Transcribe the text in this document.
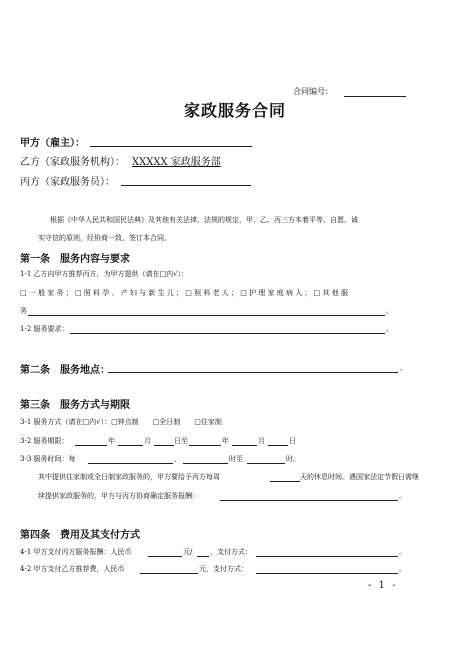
合同编号：
家政服务合同
甲方（雇主）：
乙方（家政服务机构）： XXXXX 家政服务部
丙方（家政服务员）：
根据《中华人民共和国民法典》及其他有关法律、法规的规定，甲、乙、丙三方本着平等、自愿、诚
实守信的原则，经协商一致，签订本合同。
第一条　服务内容与要求
1-1 乙方向甲方推荐丙方，为甲方提供（请在□内√）：
□ 一 般 家 务 ； □ 照 料 孕 、 产 妇 与 新 生 儿 ； □ 照 料 老 人 ； □ 护 理 家 庭 病 人 ； □ 其 他 服
务	。
1-2 服务要求：	。
第二条　服务地点：	。
第三条　服务方式与期限
3-1 服务方式（请在□内√）：□钟点制　　□全日制　　□住家制
3-2 服务期限：	年	月	日至	年	月	日
3-3 服务时间：每	，	时至	时。
其中提供住家制或全日制家政服务的，甲方要给予丙方每周	天的休息时间。遇国家法定节假日需继
续提供家政服务的，甲方与丙方协商确定服务报酬：	。
第四条　费用及其支付方式
4-1 甲方支付丙方服务报酬：人民币	元/	，支付方式：	。
4-2 甲方支付乙方推荐费，人民币	元，支付方式：	。
- 1 -
